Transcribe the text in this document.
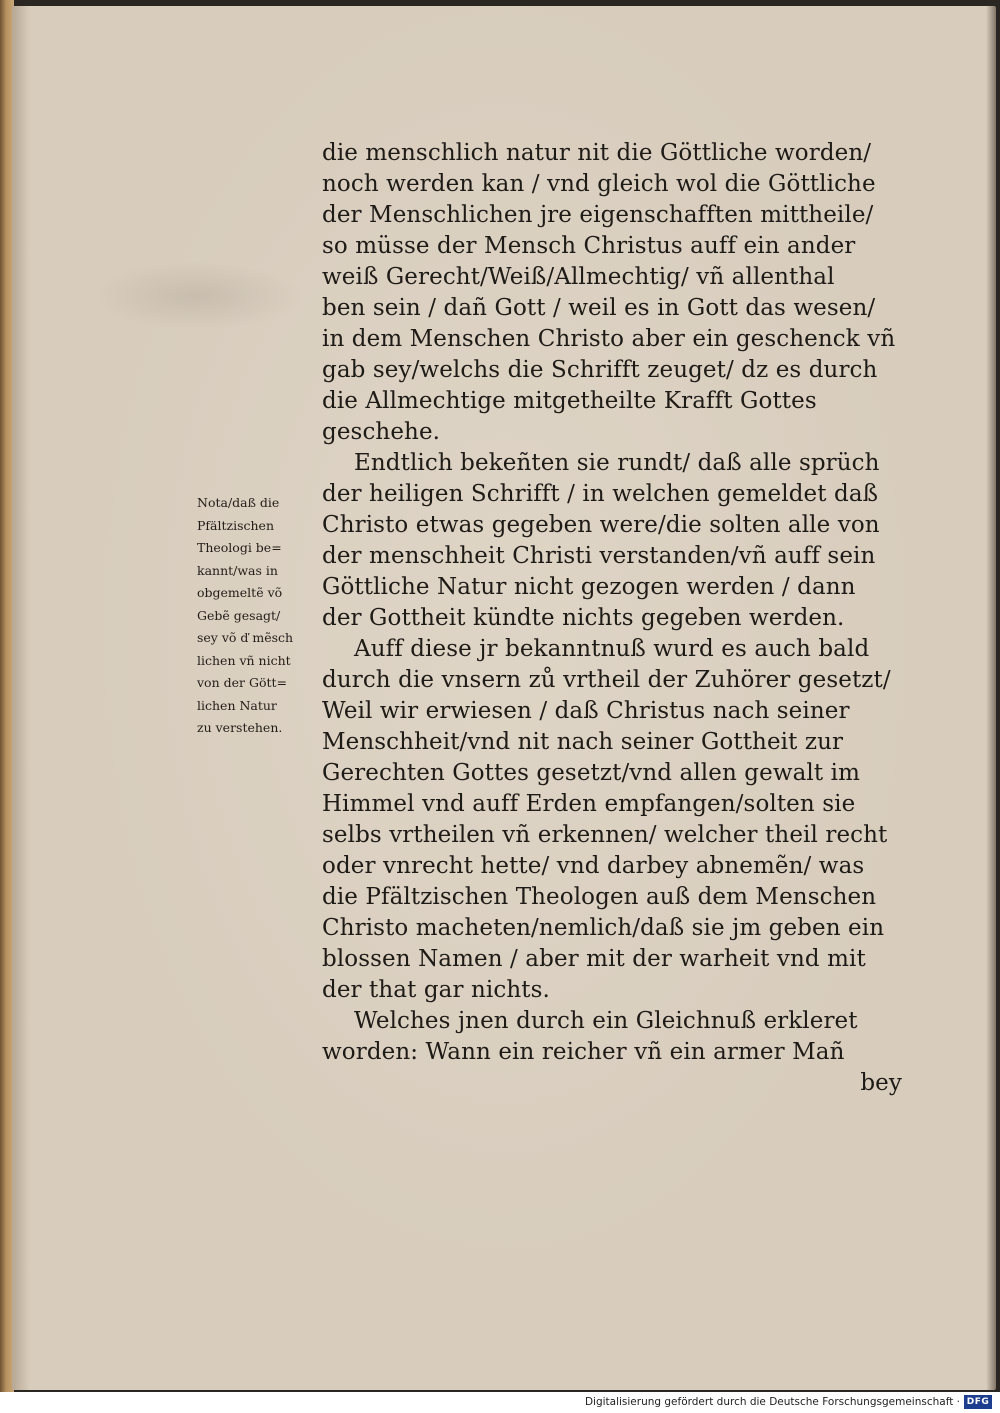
die menschlich natur nit die Göttliche worden/
noch werden kan / vnd gleich wol die Göttliche
der Menschlichen jre eigenschafften mittheile/
so müsse der Mensch Christus auff ein ander
weiß Gerecht/Weiß/Allmechtig/ vñ allenthal
ben sein / dañ Gott / weil es in Gott das wesen/
in dem Menschen Christo aber ein geschenck vñ
gab sey/welchs die Schrifft zeuget/ dz es durch
die Allmechtige mitgetheilte Krafft Gottes
geschehe.
Endtlich bekeñten sie rundt/ daß alle sprüch
der heiligen Schrifft / in welchen gemeldet daß
Christo etwas gegeben were/die solten alle von
der menschheit Christi verstanden/vñ auff sein
Göttliche Natur nicht gezogen werden / dann
der Gottheit kündte nichts gegeben werden.
Auff diese jr bekanntnuß wurd es auch bald
durch die vnsern zů vrtheil der Zuhörer gesetzt/
Weil wir erwiesen / daß Christus nach seiner
Menschheit/vnd nit nach seiner Gottheit zur
Gerechten Gottes gesetzt/vnd allen gewalt im
Himmel vnd auff Erden empfangen/solten sie
selbs vrtheilen vñ erkennen/ welcher theil recht
oder vnrecht hette/ vnd darbey abnemẽn/ was
die Pfältzischen Theologen auß dem Menschen
Christo macheten/nemlich/daß sie jm geben ein
blossen Namen / aber mit der warheit vnd mit
der that gar nichts.
Welches jnen durch ein Gleichnuß erkleret
worden: Wann ein reicher vñ ein armer Mañ
bey
Nota/daß die
Pfältzischen
Theologi be=
kannt/was in
obgemeltẽ võ
Gebẽ gesagt/
sey võ ď mẽsch
lichen vñ nicht
von der Gött=
lichen Natur
zu verstehen.
Digitalisierung gefördert durch die Deutsche Forschungsgemeinschaft · DFG
